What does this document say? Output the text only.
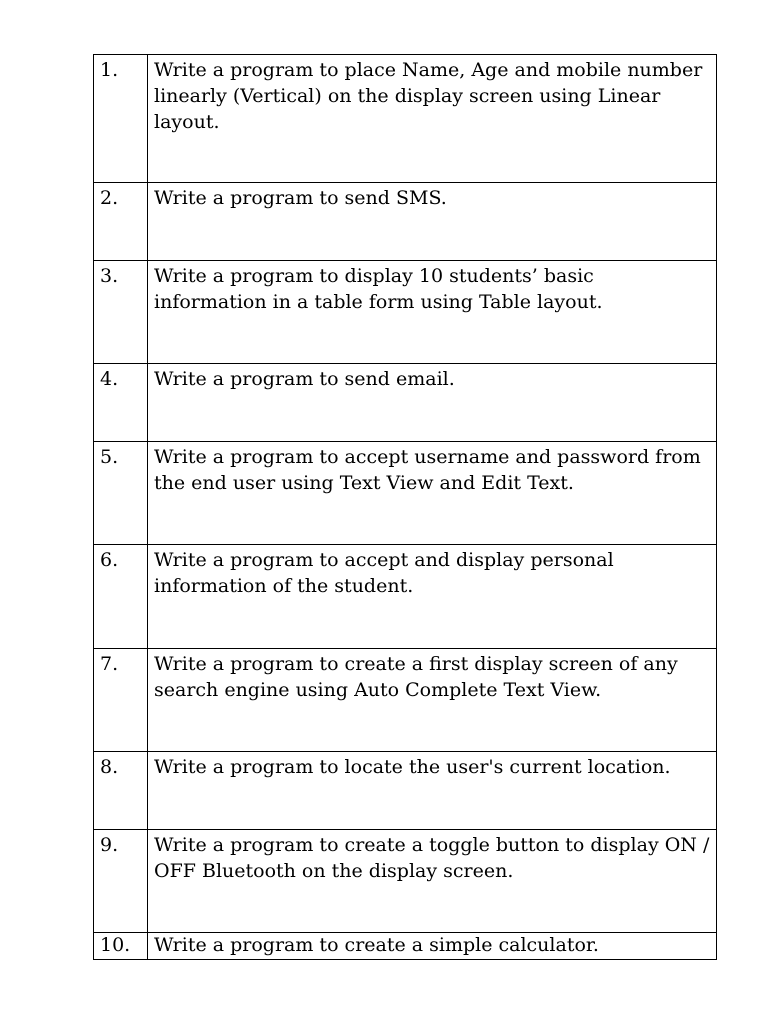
1.	Write a program to place Name, Age and mobile number linearly (Vertical) on the display screen using Linear layout.
2.	Write a program to send SMS.
3.	Write a program to display 10 students’ basic information in a table form using Table layout.
4.	Write a program to send email.
5.	Write a program to accept username and password from the end user using Text View and Edit Text.
6.	Write a program to accept and display personal information of the student.
7.	Write a program to create a first display screen of any search engine using Auto Complete Text View.
8.	Write a program to locate the user's current location.
9.	Write a program to create a toggle button to display ON / OFF Bluetooth on the display screen.
10.	Write a program to create a simple calculator.
